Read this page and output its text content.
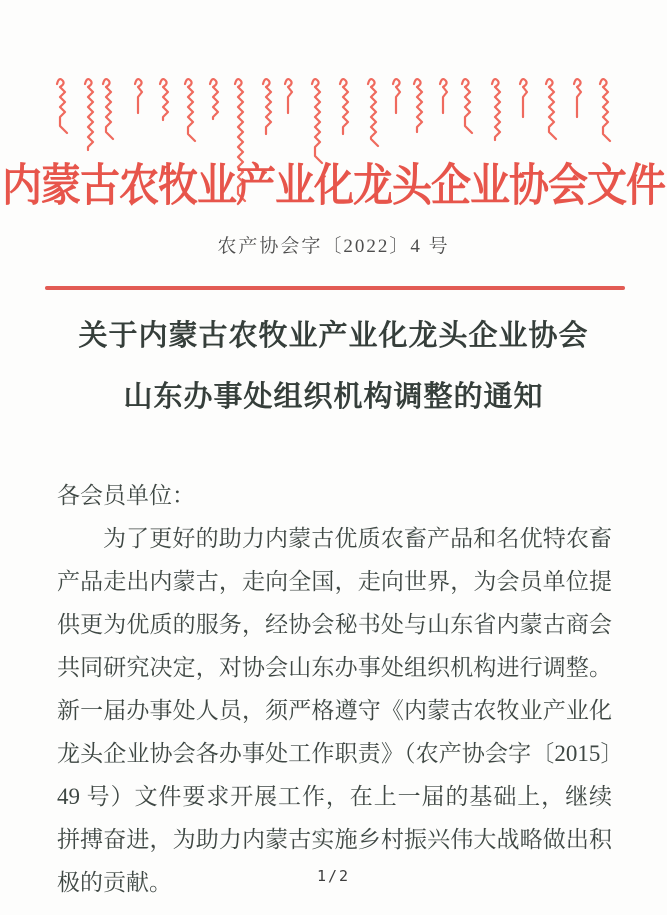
内蒙古农牧业产业化龙头企业协会文件
农产协会字〔2022〕4 号
关于内蒙古农牧业产业化龙头企业协会
山东办事处组织机构调整的通知
各会员单位：
为了更好的助力内蒙古优质农畜产品和名优特农畜产品走出内蒙古，走向全国，走向世界，为会员单位提供更为优质的服务，经协会秘书处与山东省内蒙古商会共同研究决定，对协会山东办事处组织机构进行调整。新一届办事处人员，须严格遵守《内蒙古农牧业产业化龙头企业协会各办事处工作职责》（农产协会字〔2015〕49 号）文件要求开展工作，在上一届的基础上，继续拼搏奋进，为助力内蒙古实施乡村振兴伟大战略做出积极的贡献。	1/2
